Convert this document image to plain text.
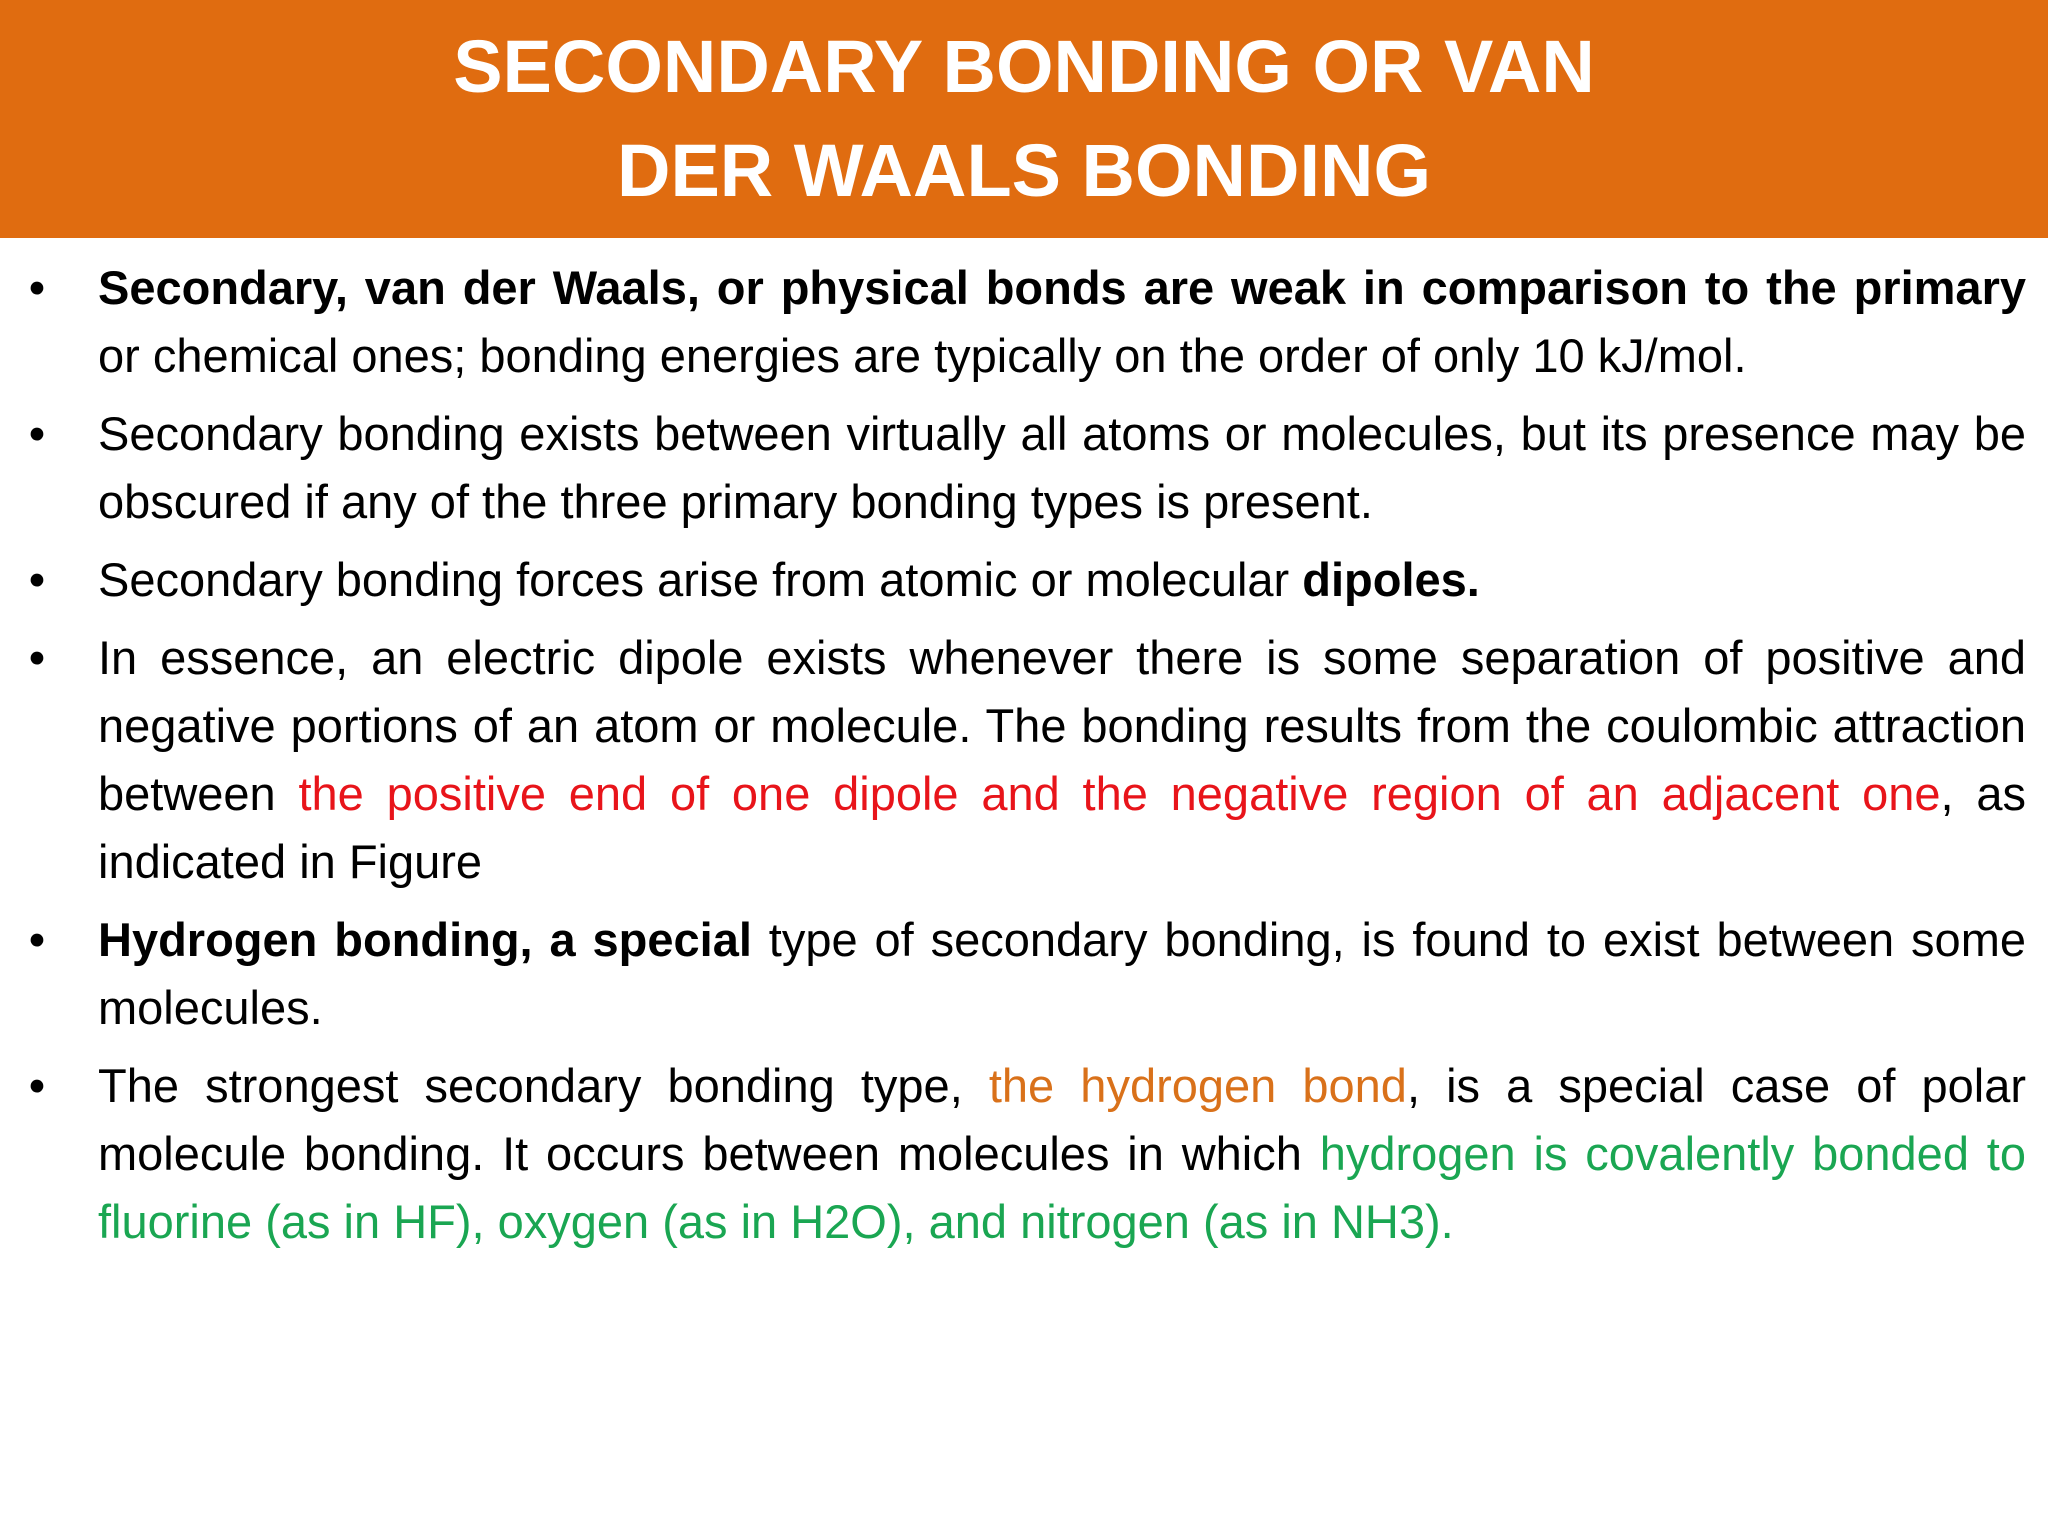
SECONDARY BONDING OR VAN
DER WAALS BONDING
• Secondary, van der Waals, or physical bonds are weak in comparison to the primary or chemical ones; bonding energies are typically on the order of only 10 kJ/mol.
• Secondary bonding exists between virtually all atoms or molecules, but its presence may be obscured if any of the three primary bonding types is present.
• Secondary bonding forces arise from atomic or molecular dipoles.
• In essence, an electric dipole exists whenever there is some separation of positive and negative portions of an atom or molecule. The bonding results from the coulombic attraction between the positive end of one dipole and the negative region of an adjacent one, as indicated in Figure
• Hydrogen bonding, a special type of secondary bonding, is found to exist between some molecules.
• The strongest secondary bonding type, the hydrogen bond, is a special case of polar molecule bonding. It occurs between molecules in which hydrogen is covalently bonded to fluorine (as in HF), oxygen (as in H2O), and nitrogen (as in NH3).
